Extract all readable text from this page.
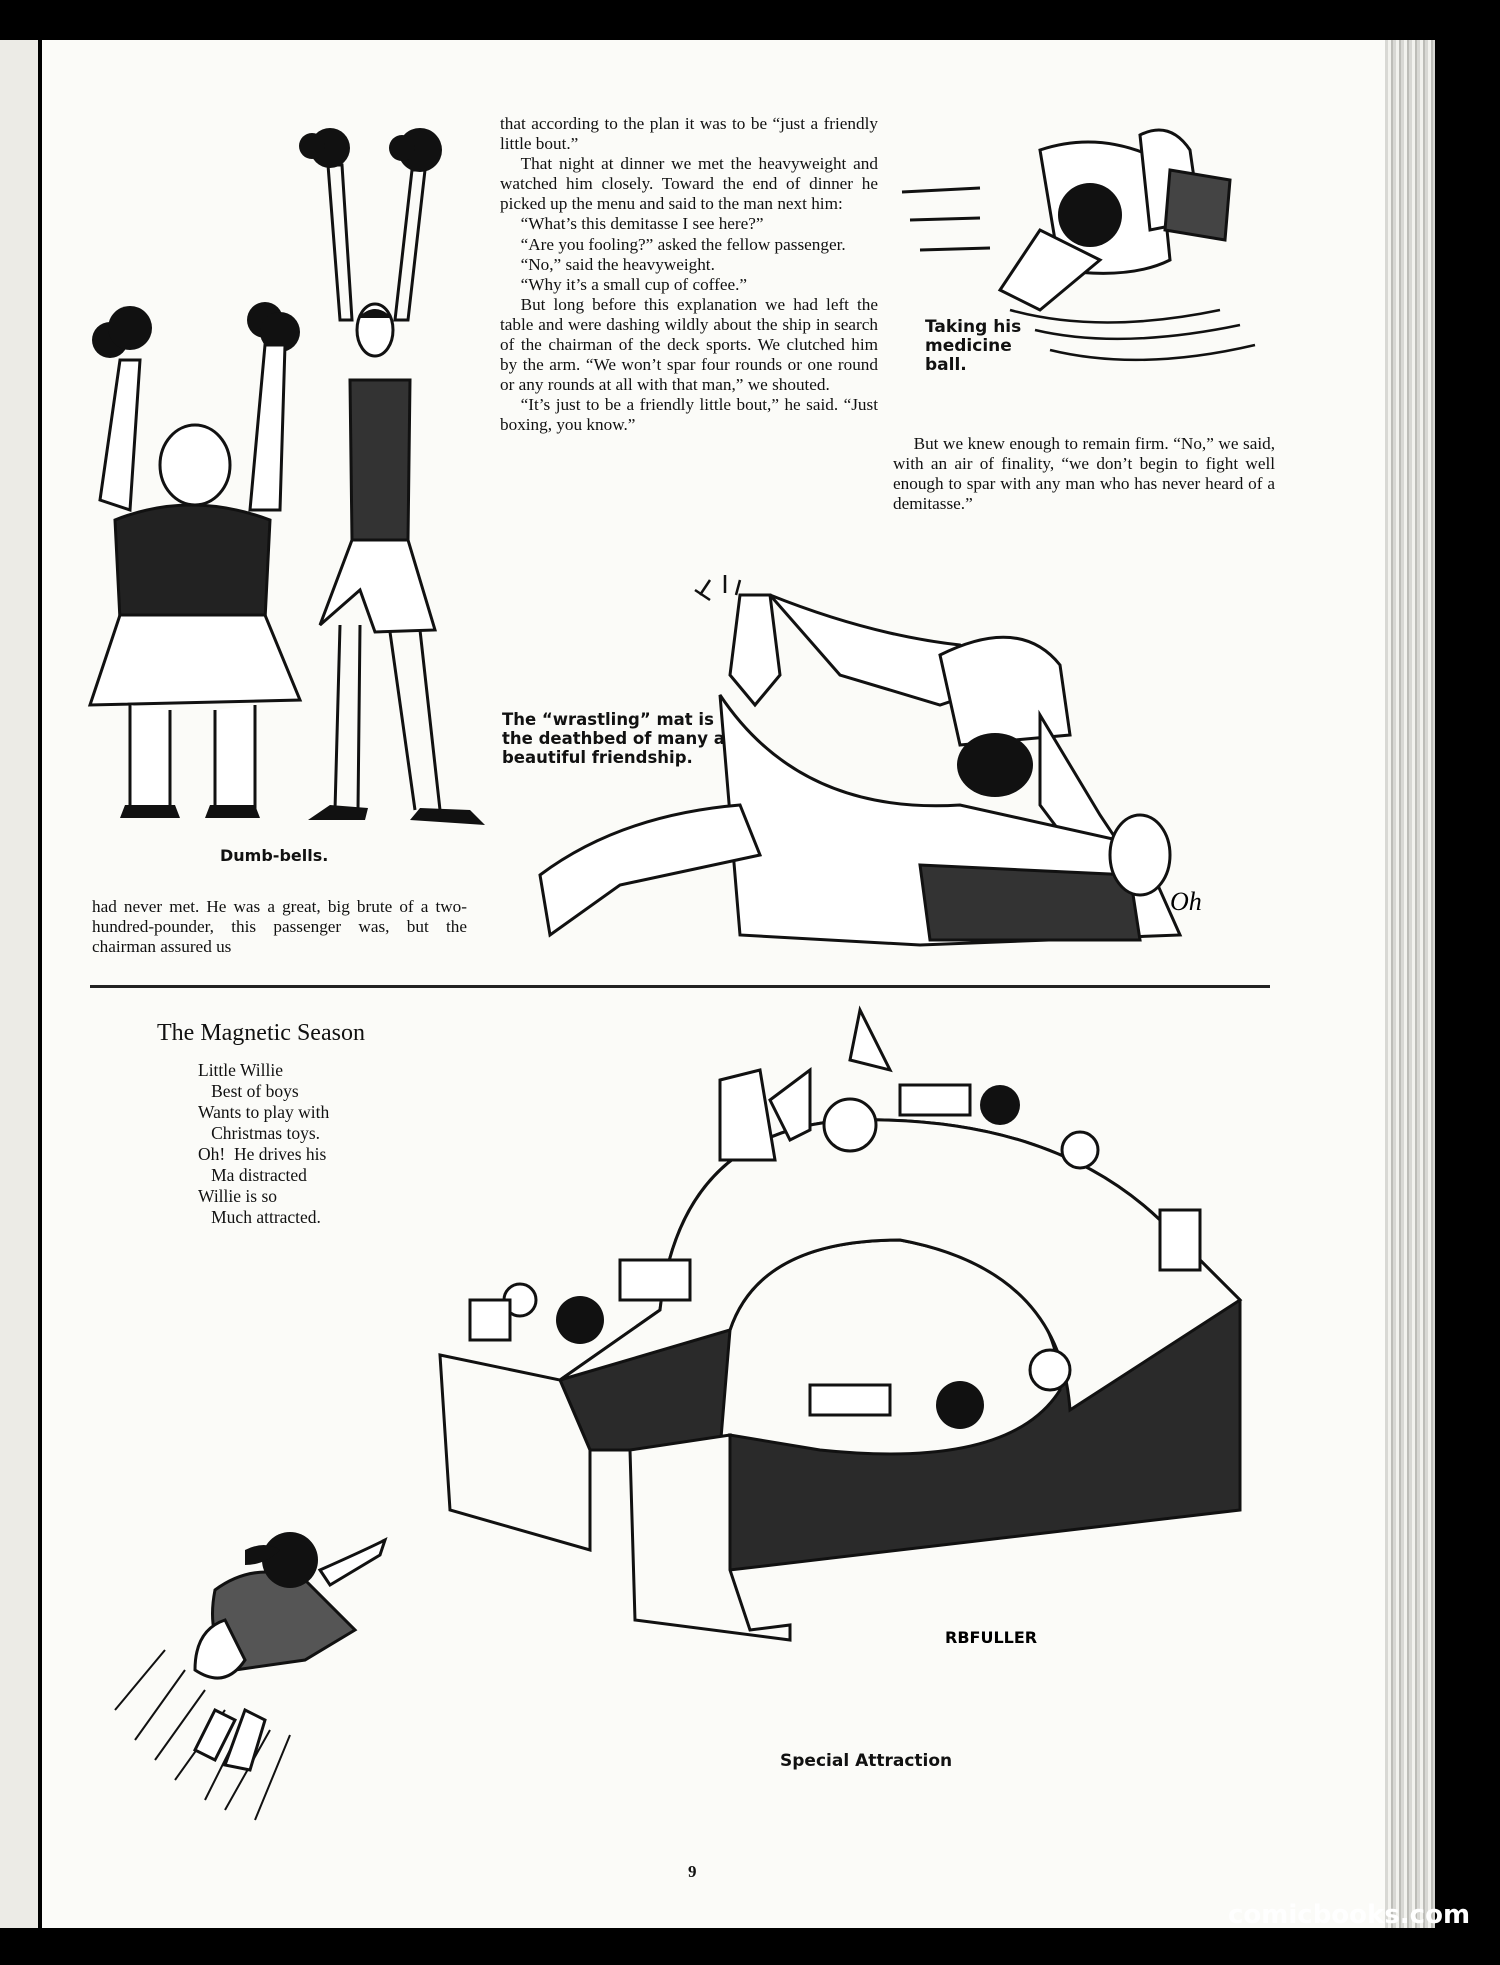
Dumb-bells.

that according to the plan it was to be “just a friendly little bout.”

That night at dinner we met the heavyweight and watched him closely. Toward the end of dinner he picked up the menu and said to the man next him:

“What’s this demitasse I see here?”

“Are you fooling?” asked the fellow passenger.

“No,” said the heavyweight.

“Why it’s a small cup of coffee.”

But long before this explanation we had left the table and were dashing wildly about the ship in search of the chairman of the deck sports. We clutched him by the arm. “We won’t spar four rounds or one round or any rounds at all with that man,” we shouted.

“It’s just to be a friendly little bout,” he said. “Just boxing, you know.”

Taking his medicine ball.

But we knew enough to remain firm. “No,” we said, with an air of finality, “we don’t begin to fight well enough to spar with any man who has never heard of a demitasse.”

Oh
The “wrastling” mat is the deathbed of many a beautiful friendship.

had never met. He was a great, big brute of a two-hundred-pounder, this passenger was, but the chairman assured us

The Magnetic Season
Little Willie
Best of boys
Wants to play with
Christmas toys.
Oh!  He drives his
Ma distracted
Willie is so
Much attracted.
RBFULLER
Special Attraction
9
comicbooks.com
